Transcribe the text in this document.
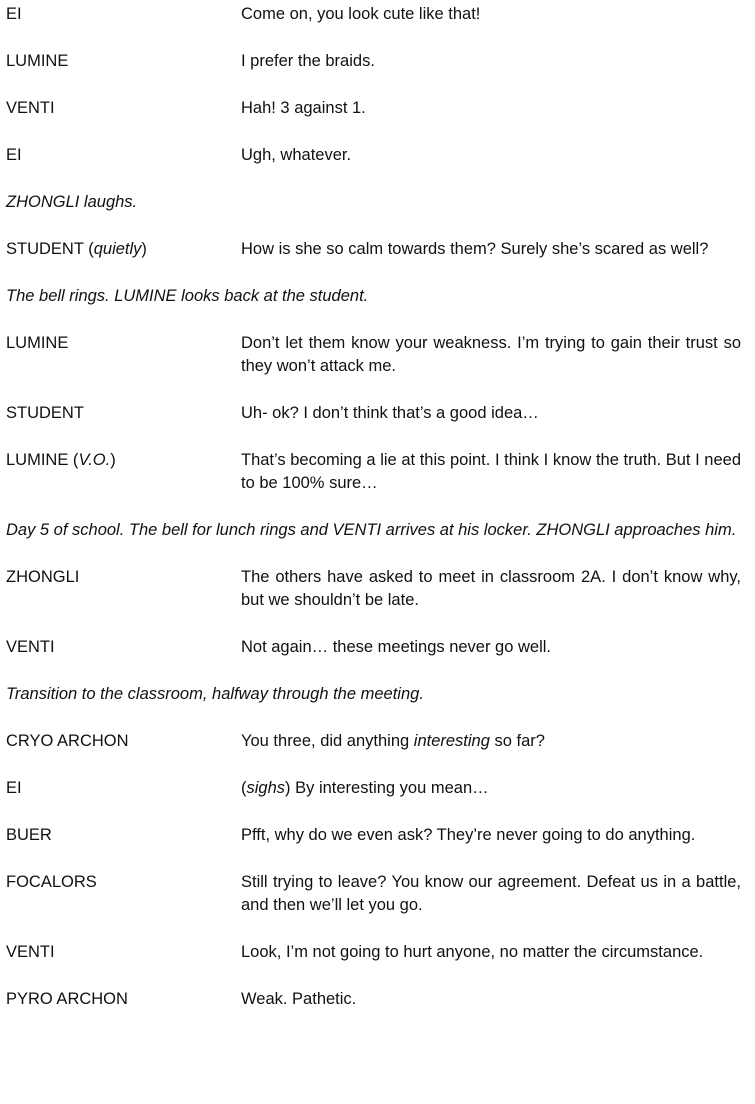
EI	Come on, you look cute like that!
LUMINE	I prefer the braids.
VENTI	Hah! 3 against 1.
EI	Ugh, whatever.
ZHONGLI laughs.
STUDENT (quietly)	How is she so calm towards them? Surely she’s scared as well?
The bell rings. LUMINE looks back at the student.
LUMINE	Don’t let them know your weakness. I’m trying to gain their trust so they won’t attack me.
STUDENT	Uh- ok? I don’t think that’s a good idea…
LUMINE (V.O.)	That’s becoming a lie at this point. I think I know the truth. But I need to be 100% sure…
Day 5 of school. The bell for lunch rings and VENTI arrives at his locker. ZHONGLI approaches him.
ZHONGLI	The others have asked to meet in classroom 2A. I don’t know why, but we shouldn’t be late.
VENTI	Not again… these meetings never go well.
Transition to the classroom, halfway through the meeting.
CRYO ARCHON	You three, did anything interesting so far?
EI	(sighs) By interesting you mean…
BUER	Pfft, why do we even ask? They’re never going to do anything.
FOCALORS	Still trying to leave? You know our agreement. Defeat us in a battle, and then we’ll let you go.
VENTI	Look, I’m not going to hurt anyone, no matter the circumstance.
PYRO ARCHON	Weak. Pathetic.
